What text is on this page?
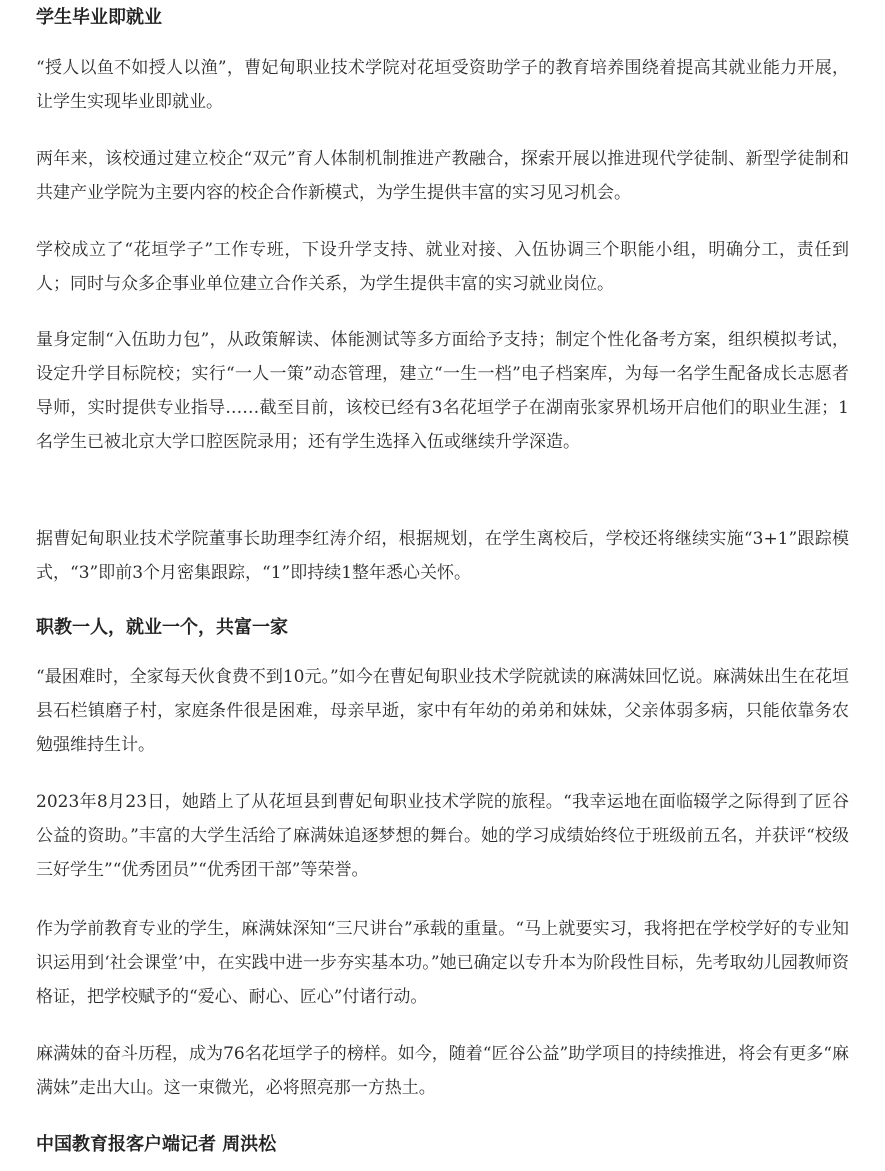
学生毕业即就业

“授人以鱼不如授人以渔”，曹妃甸职业技术学院对花垣受资助学子的教育培养围绕着提高其就业能力开展，让学生实现毕业即就业。

两年来，该校通过建立校企“双元”育人体制机制推进产教融合，探索开展以推进现代学徒制、新型学徒制和共建产业学院为主要内容的校企合作新模式，为学生提供丰富的实习见习机会。

学校成立了“花垣学子”工作专班，下设升学支持、就业对接、入伍协调三个职能小组，明确分工，责任到人；同时与众多企事业单位建立合作关系，为学生提供丰富的实习就业岗位。

量身定制“入伍助力包”，从政策解读、体能测试等多方面给予支持；制定个性化备考方案，组织模拟考试，设定升学目标院校；实行“一人一策”动态管理，建立“一生一档”电子档案库，为每一名学生配备成长志愿者导师，实时提供专业指导……截至目前，该校已经有3名花垣学子在湖南张家界机场开启他们的职业生涯；1名学生已被北京大学口腔医院录用；还有学生选择入伍或继续升学深造。

据曹妃甸职业技术学院董事长助理李红涛介绍，根据规划，在学生离校后，学校还将继续实施“3+1”跟踪模式，“3”即前3个月密集跟踪，“1”即持续1整年悉心关怀。

职教一人，就业一个，共富一家

“最困难时，全家每天伙食费不到10元。”如今在曹妃甸职业技术学院就读的麻满妹回忆说。麻满妹出生在花垣县石栏镇磨子村，家庭条件很是困难，母亲早逝，家中有年幼的弟弟和妹妹，父亲体弱多病，只能依靠务农勉强维持生计。

2023年8月23日，她踏上了从花垣县到曹妃甸职业技术学院的旅程。“我幸运地在面临辍学之际得到了匠谷公益的资助。”丰富的大学生活给了麻满妹追逐梦想的舞台。她的学习成绩始终位于班级前五名，并获评“校级三好学生”“优秀团员”“优秀团干部”等荣誉。

作为学前教育专业的学生，麻满妹深知“三尺讲台”承载的重量。“马上就要实习，我将把在学校学好的专业知识运用到‘社会课堂’中，在实践中进一步夯实基本功。”她已确定以专升本为阶段性目标，先考取幼儿园教师资格证，把学校赋予的“爱心、耐心、匠心”付诸行动。

麻满妹的奋斗历程，成为76名花垣学子的榜样。如今，随着“匠谷公益”助学项目的持续推进，将会有更多“麻满妹”走出大山。这一束微光，必将照亮那一方热土。

中国教育报客户端记者 周洪松
